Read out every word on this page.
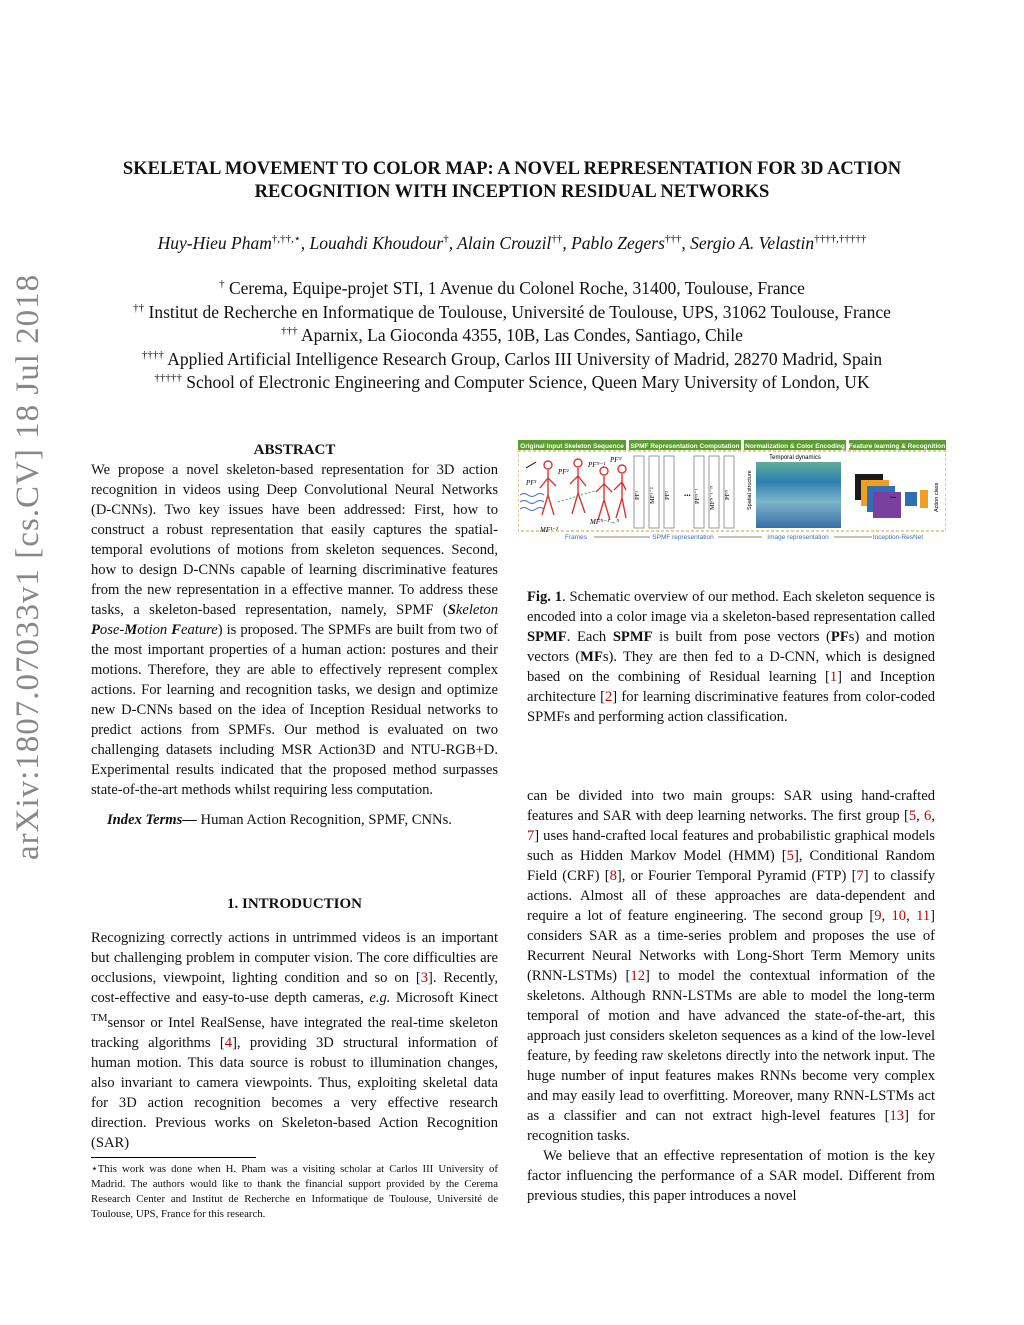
arXiv:1807.07033v1 [cs.CV] 18 Jul 2018
SKELETAL MOVEMENT TO COLOR MAP: A NOVEL REPRESENTATION FOR 3D ACTION
RECOGNITION WITH INCEPTION RESIDUAL NETWORKS
Huy-Hieu Pham†,††,⋆, Louahdi Khoudour†, Alain Crouzil††, Pablo Zegers†††, Sergio A. Velastin††††,†††††
† Cerema, Equipe-projet STI, 1 Avenue du Colonel Roche, 31400, Toulouse, France
†† Institut de Recherche en Informatique de Toulouse, Université de Toulouse, UPS, 31062 Toulouse, France
††† Aparnix, La Gioconda 4355, 10B, Las Condes, Santiago, Chile
†††† Applied Artificial Intelligence Research Group, Carlos III University of Madrid, 28270 Madrid, Spain
††††† School of Electronic Engineering and Computer Science, Queen Mary University of London, UK
ABSTRACT

We propose a novel skeleton-based representation for 3D action recognition in videos using Deep Convolutional Neural Networks (D-CNNs). Two key issues have been addressed: First, how to construct a robust representation that easily captures the spatial-temporal evolutions of motions from skeleton sequences. Second, how to design D-CNNs capable of learning discriminative features from the new representation in a effective manner. To address these tasks, a skeleton-based representation, namely, SPMF (Skeleton Pose-Motion Feature) is proposed. The SPMFs are built from two of the most important properties of a human action: postures and their motions. Therefore, they are able to effectively represent complex actions. For learning and recognition tasks, we design and optimize new D-CNNs based on the idea of Inception Residual networks to predict actions from SPMFs. Our method is evaluated on two challenging datasets including MSR Action3D and NTU-RGB+D. Experimental results indicated that the proposed method surpasses state-of-the-art methods whilst requiring less computation.

Index Terms— Human Action Recognition, SPMF, CNNs.

1. INTRODUCTION

Recognizing correctly actions in untrimmed videos is an important but challenging problem in computer vision. The core difficulties are occlusions, viewpoint, lighting condition and so on [3]. Recently, cost-effective and easy-to-use depth cameras, e.g. Microsoft Kinect ™sensor or Intel RealSense, have integrated the real-time skeleton tracking algorithms [4], providing 3D structural information of human motion. This data source is robust to illumination changes, also invariant to camera viewpoints. Thus, exploiting skeletal data for 3D action recognition becomes a very effective research direction. Previous works on Skeleton-based Action Recognition (SAR)

⋆This work was done when H. Pham was a visiting scholar at Carlos III University of Madrid. The authors would like to thank the financial support provided by the Cerema Research Center and Institut de Recherche en Informatique de Toulouse, Université de Toulouse, UPS, France for this research.
Original Input Skeleton Sequence SPMF Representation Computation Normalization & Color Encoding Feature learning & Recognition
PF¹
PF²
PFᴺ⁻¹
PFᴺ
MF¹⁻²
MFᴺ⁻¹→ᴺ
PF¹ MF¹⁻² PF² ... PFᴺ⁻¹ MFᴺ⁻¹⁻ᴺ PFᴺ
Temporal dynamics
Spatial structure	...	Action class
Frames	SPMF representation	Image representation	Inception-ResNet
Fig. 1. Schematic overview of our method. Each skeleton sequence is encoded into a color image via a skeleton-based representation called SPMF. Each SPMF is built from pose vectors (PFs) and motion vectors (MFs). They are then fed to a D-CNN, which is designed based on the combining of Residual learning [1] and Inception architecture [2] for learning discriminative features from color-coded SPMFs and performing action classification.

can be divided into two main groups: SAR using hand-crafted features and SAR with deep learning networks. The first group [5, 6, 7] uses hand-crafted local features and probabilistic graphical models such as Hidden Markov Model (HMM) [5], Conditional Random Field (CRF) [8], or Fourier Temporal Pyramid (FTP) [7] to classify actions. Almost all of these approaches are data-dependent and require a lot of feature engineering. The second group [9, 10, 11] considers SAR as a time-series problem and proposes the use of Recurrent Neural Networks with Long-Short Term Memory units (RNN-LSTMs) [12] to model the contextual information of the skeletons. Although RNN-LSTMs are able to model the long-term temporal of motion and have advanced the state-of-the-art, this approach just considers skeleton sequences as a kind of the low-level feature, by feeding raw skeletons directly into the network input. The huge number of input features makes RNNs become very complex and may easily lead to overfitting. Moreover, many RNN-LSTMs act as a classifier and can not extract high-level features [13] for recognition tasks.

We believe that an effective representation of motion is the key factor influencing the performance of a SAR model. Different from previous studies, this paper introduces a novel
